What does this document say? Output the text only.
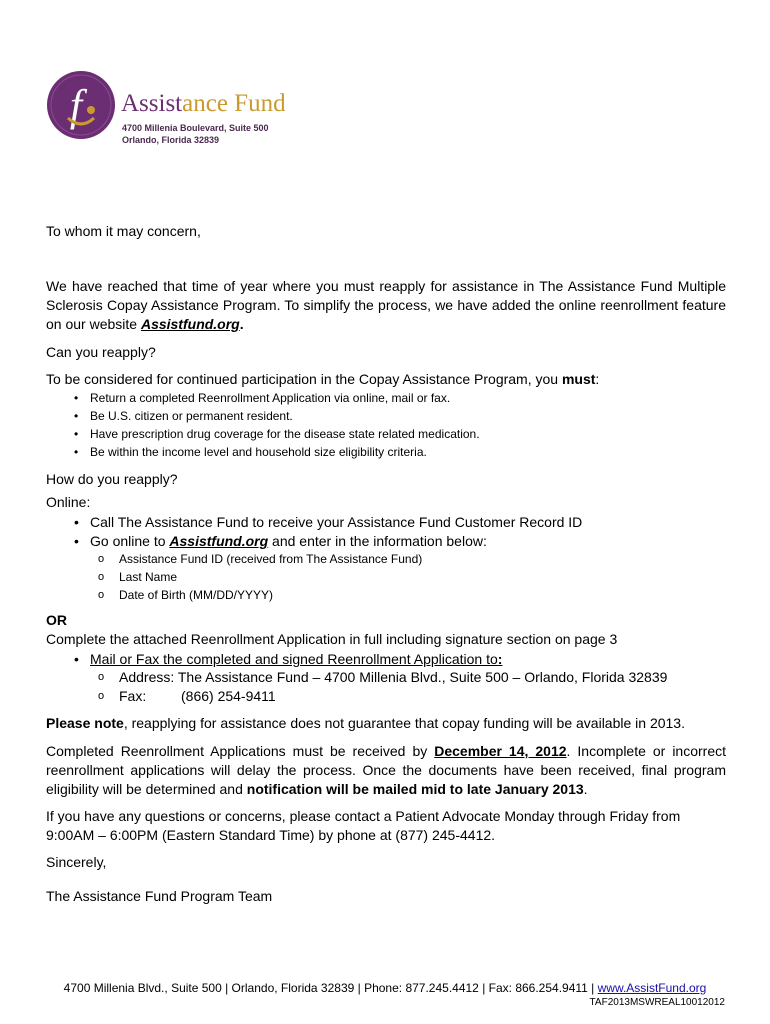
f Assistance Fund
4700 Millenia Boulevard, Suite 500
Orlando, Florida 32839

To whom it may concern,

We have reached that time of year where you must reapply for assistance in The Assistance Fund Multiple Sclerosis Copay Assistance Program. To simplify the process, we have added the online reenrollment feature on our website Assistfund.org.

Can you reapply?

To be considered for continued participation in the Copay Assistance Program, you must:

• Return a completed Reenrollment Application via online, mail or fax.
• Be U.S. citizen or permanent resident.
• Have prescription drug coverage for the disease state related medication.
• Be within the income level and household size eligibility criteria.

How do you reapply?

Online:

• Call The Assistance Fund to receive your Assistance Fund Customer Record ID
• Go online to Assistfund.org and enter in the information below:
o Assistance Fund ID (received from The Assistance Fund)
o Last Name
o Date of Birth (MM/DD/YYYY)

OR

Complete the attached Reenrollment Application in full including signature section on page 3

• Mail or Fax the completed and signed Reenrollment Application to:
o Address: The Assistance Fund – 4700 Millenia Blvd., Suite 500 – Orlando, Florida 32839
o Fax: (866) 254-9411

Please note, reapplying for assistance does not guarantee that copay funding will be available in 2013.

Completed Reenrollment Applications must be received by December 14, 2012. Incomplete or incorrect reenrollment applications will delay the process. Once the documents have been received, final program eligibility will be determined and notification will be mailed mid to late January 2013.

If you have any questions or concerns, please contact a Patient Advocate Monday through Friday from 9:00AM – 6:00PM (Eastern Standard Time) by phone at (877) 245-4412.

Sincerely,

The Assistance Fund Program Team

4700 Millenia Blvd., Suite 500 | Orlando, Florida 32839 | Phone: 877.245.4412 | Fax: 866.254.9411 | www.AssistFund.org
TAF2013MSWREAL10012012
